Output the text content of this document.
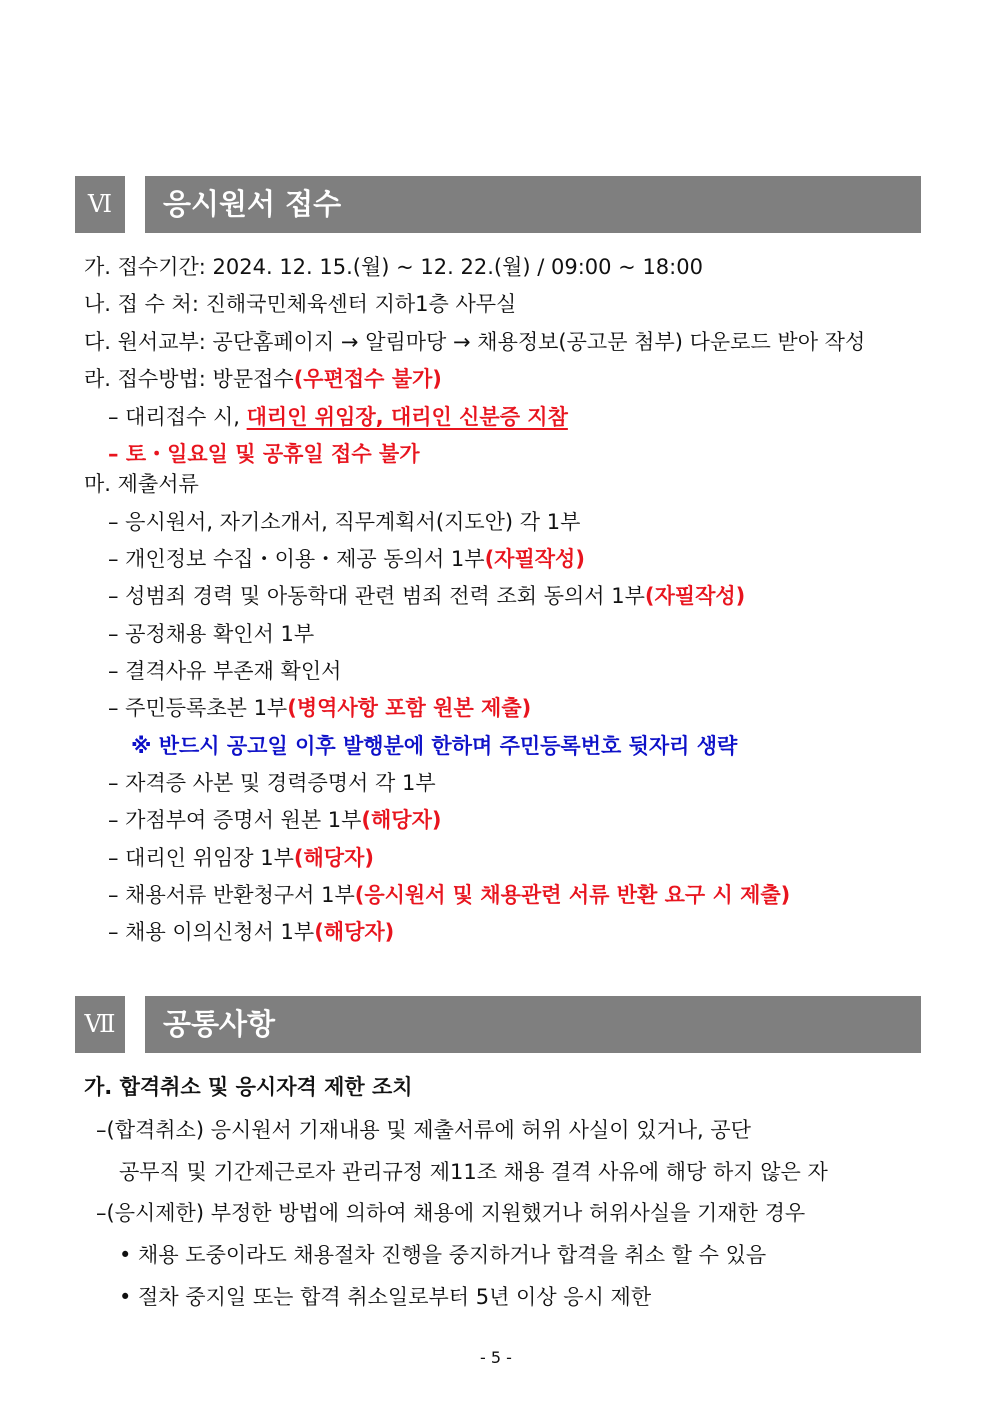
Ⅵ	응시원서 접수
가. 접수기간: 2024. 12. 15.(월) ~ 12. 22.(월) / 09:00 ~ 18:00
나. 접 수 처: 진해국민체육센터 지하1층 사무실
다. 원서교부: 공단홈페이지 → 알림마당 → 채용정보(공고문 첨부) 다운로드 받아 작성
라. 접수방법: 방문접수(우편접수 불가)
– 대리접수 시, 대리인 위임장, 대리인 신분증 지참
– 토・일요일 및 공휴일 접수 불가
마. 제출서류
– 응시원서, 자기소개서, 직무계획서(지도안) 각 1부
– 개인정보 수집・이용・제공 동의서 1부(자필작성)
– 성범죄 경력 및 아동학대 관련 범죄 전력 조회 동의서 1부(자필작성)
– 공정채용 확인서 1부
– 결격사유 부존재 확인서
– 주민등록초본 1부(병역사항 포함 원본 제출)
※ 반드시 공고일 이후 발행분에 한하며 주민등록번호 뒷자리 생략
– 자격증 사본 및 경력증명서 각 1부
– 가점부여 증명서 원본 1부(해당자)
– 대리인 위임장 1부(해당자)
– 채용서류 반환청구서 1부(응시원서 및 채용관련 서류 반환 요구 시 제출)
– 채용 이의신청서 1부(해당자)
Ⅶ	공통사항
가. 합격취소 및 응시자격 제한 조치
–(합격취소) 응시원서 기재내용 및 제출서류에 허위 사실이 있거나, 공단
공무직 및 기간제근로자 관리규정 제11조 채용 결격 사유에 해당 하지 않은 자
–(응시제한) 부정한 방법에 의하여 채용에 지원했거나 허위사실을 기재한 경우
• 채용 도중이라도 채용절차 진행을 중지하거나 합격을 취소 할 수 있음
• 절차 중지일 또는 합격 취소일로부터 5년 이상 응시 제한
- 5 -
